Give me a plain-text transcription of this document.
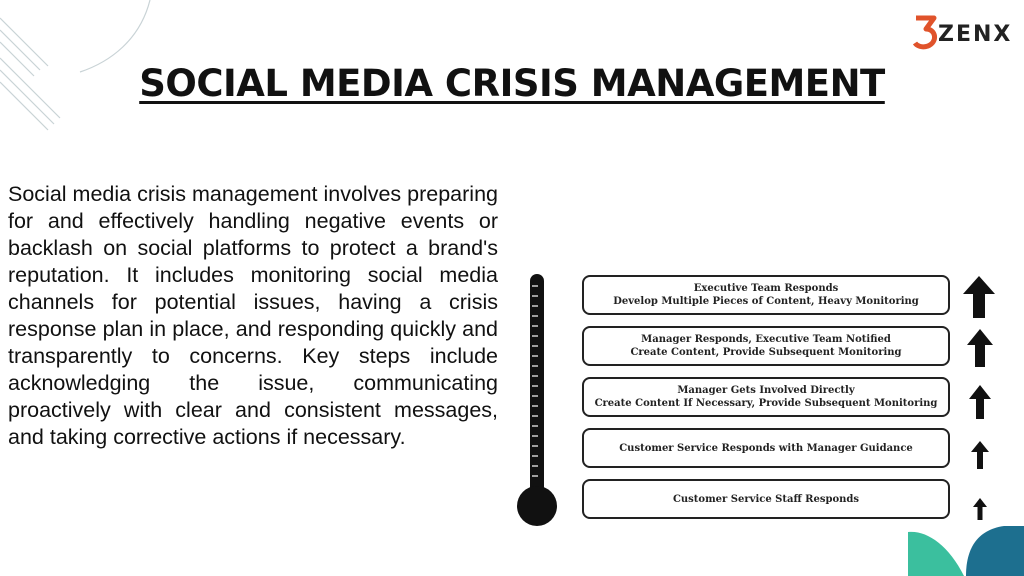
ZENX
SOCIAL MEDIA CRISIS MANAGEMENT

Social media crisis management involves preparing for and effectively handling negative events or backlash on social platforms to protect a brand's reputation. It includes monitoring social media channels for potential issues, having a crisis response plan in place, and responding quickly and transparently to concerns. Key steps include acknowledging the issue, communicating proactively with clear and consistent messages, and taking corrective actions if necessary.

Executive Team Responds
Develop Multiple Pieces of Content, Heavy Monitoring
Manager Responds, Executive Team Notified
Create Content, Provide Subsequent Monitoring
Manager Gets Involved Directly
Create Content If Necessary, Provide Subsequent Monitoring
Customer Service Responds with Manager Guidance
Customer Service Staff Responds
